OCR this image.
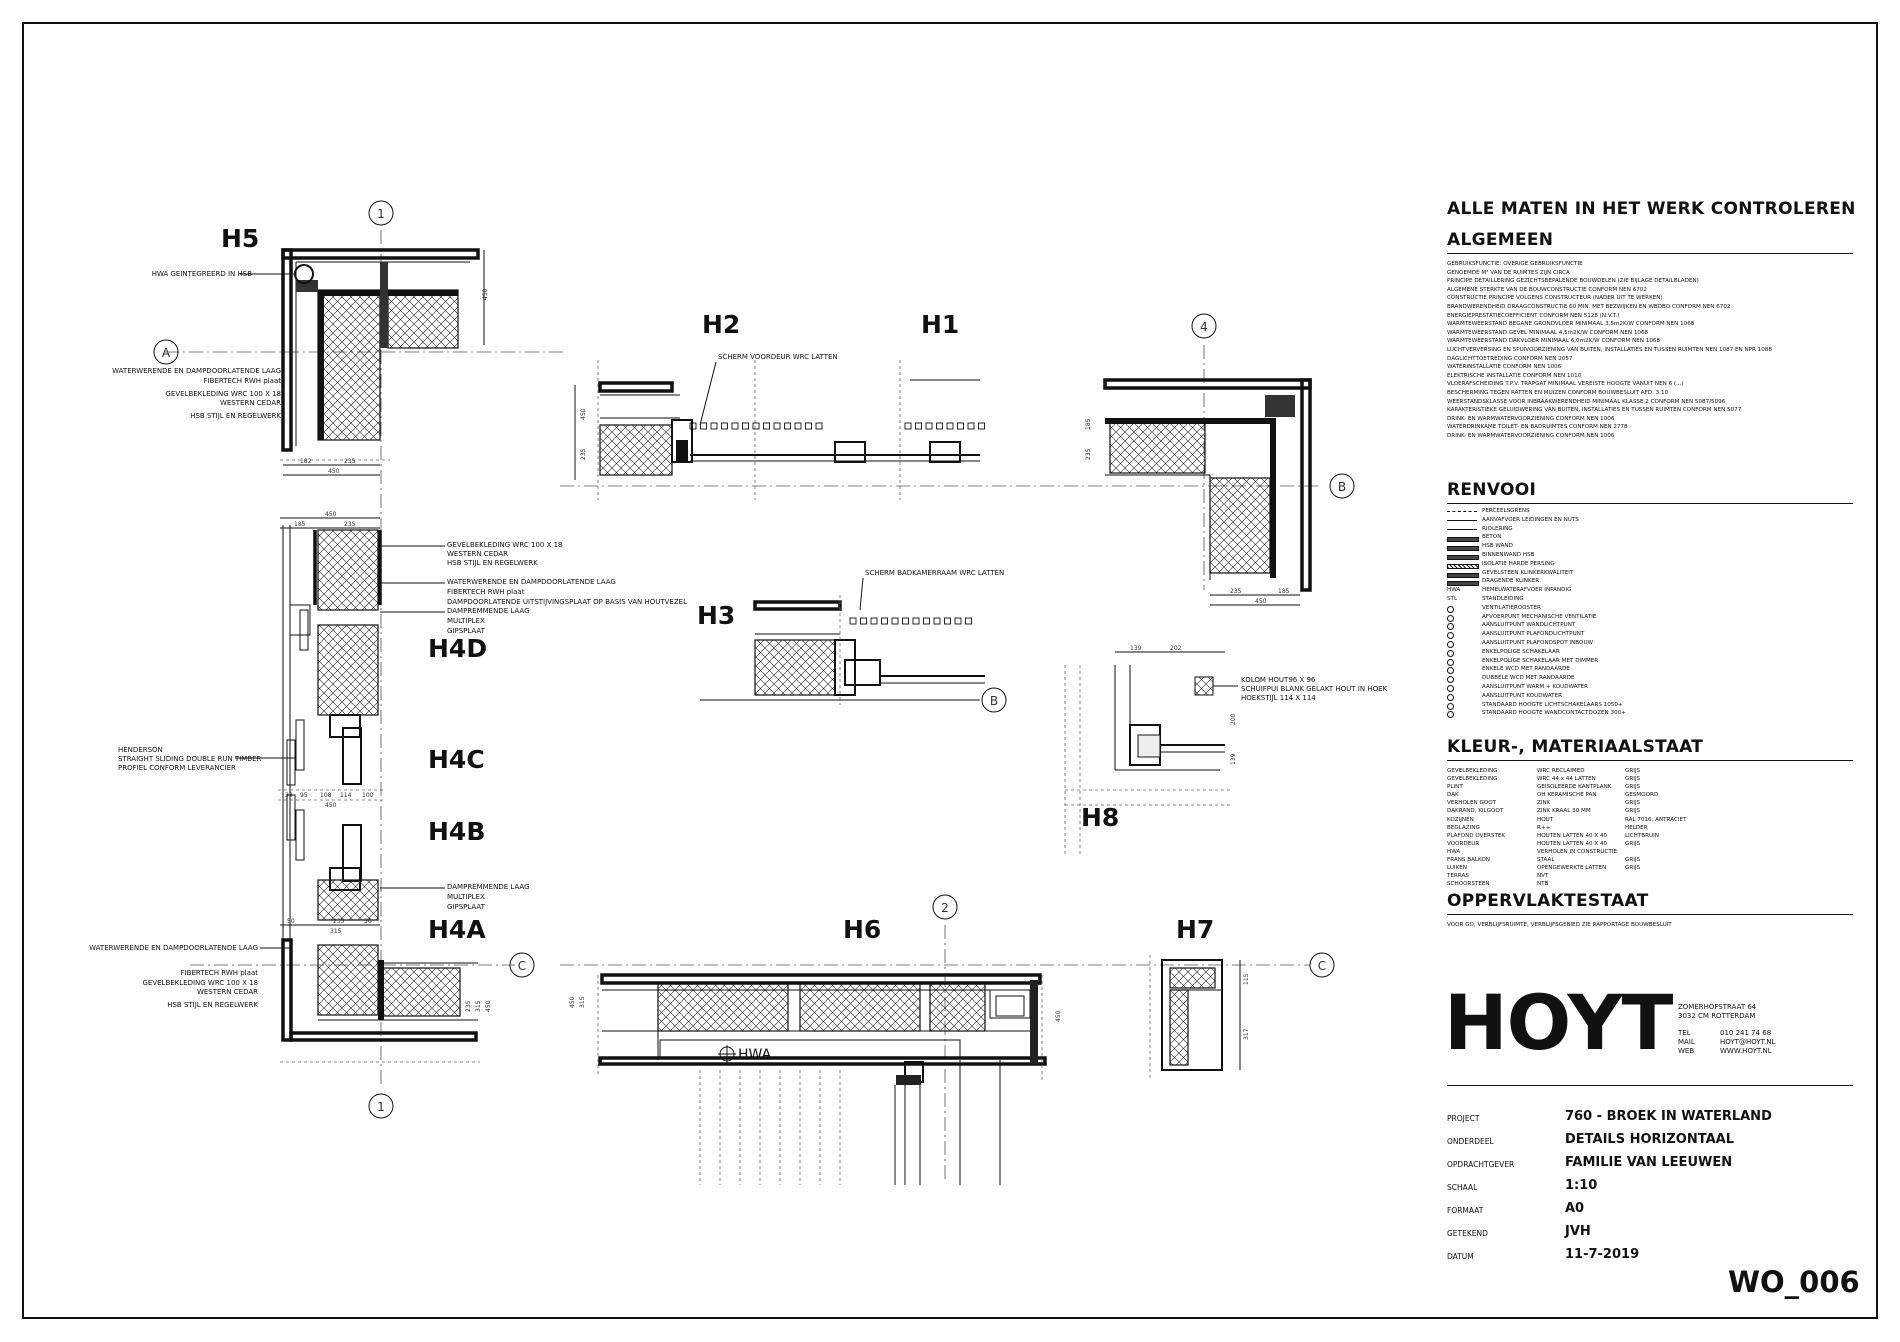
1
1
A
4
B
B
2
C	C
182	235
450
450
450
185	235
33 95 108 114 100
450
50	235	50
315
235 315 450
450
235
235	185
450
185
235
139	202
200
139
HWA
450 315
450
115
317
H5
H2	H1
H3
H8
H4D
H4C
H4B
H4A	H6	H7
HWA GEINTEGREERD IN HSB
WATERWERENDE EN DAMPDOORLATENDE LAAG
FIBERTECH RWH plaat
GEVELBEKLEDING WRC 100 X 18
WESTERN CEDAR
HSB STIJL EN REGELWERK
GEVELBEKLEDING WRC 100 X 18
WESTERN CEDAR
HSB STIJL EN REGELWERK
WATERWERENDE EN DAMPDOORLATENDE LAAG
FIBERTECH RWH plaat
DAMPDOORLATENDE UITSTIJVINGSPLAAT OP BASIS VAN HOUTVEZEL
DAMPREMMENDE LAAG
MULTIPLEX
GIPSPLAAT
HENDERSON
STRAIGHT SLIDING DOUBLE RUN TIMBER
PROFIEL CONFORM LEVERANCIER
DAMPREMMENDE LAAG
MULTIPLEX
GIPSPLAAT
WATERWERENDE EN DAMPDOORLATENDE LAAG
FIBERTECH RWH plaat
GEVELBEKLEDING WRC 100 X 18
WESTERN CEDAR
HSB STIJL EN REGELWERK
SCHERM VOORDEUR WRC LATTEN
SCHERM BADKAMERRAAM WRC LATTEN
KOLOM HOUT96 X 96
SCHUIFPUI BLANK GELAKT HOUT IN HOEK
HOEKSTIJL 114 X 114
ALLE MATEN IN HET WERK CONTROLEREN
ALGEMEEN
GEBRUIKSFUNCTIE: OVERIGE GEBRUIKSFUNCTIE
GENOEMDE M² VAN DE RUIMTES ZIJN CIRCA
PRINCIPE DETAILLERING GEZICHTSBEPALENDE BOUWDELEN (ZIE BIJLAGE DETAILBLADEN)
ALGEMENE STERKTE VAN DE BOUWCONSTRUCTIE CONFORM NEN 6702
CONSTRUCTIE PRINCIPE VOLGENS CONSTRUCTEUR (NADER UIT TE WERKEN)
BRANDWERENDHEID DRAAGCONSTRUCTIE 60 MIN. MET BEZWIJKEN EN WBDBO CONFORM NEN 6702
ENERGIEPRESTATIECOEFFICIENT CONFORM NEN 5128 (N.V.T.)
WARMTEWEERSTAND BEGANE GRONDVLOER MINIMAAL 3,5m2K/W CONFORM NEN 1068
WARMTEWEERSTAND GEVEL MINIMAAL 4,5m2K/W CONFORM NEN 1068
WARMTEWEERSTAND DAKVLOER MINIMAAL 6,0m2K/W CONFORM NEN 1068
LUCHTVERVERSING EN SPUIVOORZIENING VAN BUITEN, INSTALLATIES EN TUSSEN RUIMTEN NEN 1087 EN NPR 1088
DAGLICHTTOETREDING CONFORM NEN 2057
WATERINSTALLATIE CONFORM NEN 1006
ELEKTRISCHE INSTALLATIE CONFORM NEN 1010
VLOERAFSCHEIDING T.P.V. TRAPGAT MINIMAAL VEREISTE HOOGTE VANUIT NEN 6 (...)
BESCHERMING TEGEN RATTEN EN MUIZEN CONFORM BOUWBESLUIT AFD. 3.10
WEERSTANDSKLASSE VOOR INBRAAKWERENDHEID MINIMAAL KLASSE 2 CONFORM NEN 5087/5096
KARAKTERISTIEKE GELUIDWERING VAN BUITEN, INSTALLATIES EN TUSSEN RUIMTEN CONFORM NEN 5077
DRINK- EN WARMWATERVOORZIENING CONFORM NEN 1006
WATERDRINKAME TOILET- EN BADRUIMTES CONFORM NEN 2778
DRINK- EN WARMWATERVOORZIENING CONFORM NEN 1006
RENVOOI
PERCEELSGRENS
AANVAFVOER LEIDINGEN EN NUTS
RIOLERING
BETON
HSB WAND
BINNENWAND HSB
ISOLATIE HARDE PERSING
GEVELSTEEN KLINKERKWALITEIT
DRAGENDE KLINKER
HWA	HEMELWATERAFVOER INPANDIG
STL	STANDLEIDING
VENTILATIEROOSTER
AFVOERPUNT MECHANISCHE VENTILATIE
AANSLUITPUNT WANDLICHTPUNT
AANSLUITPUNT PLAFONDLICHTPUNT
AANSLUITPUNT PLAFONDSPOT INBOUW
ENKELPOLIGE SCHAKELAAR
ENKELPOLIGE SCHAKELAAR MET DIMMER
ENKELE WCD MET RANDAARDE
DUBBELE WCD MET RANDAARDE
AANSLUITPUNT WARM + KOUDWATER
AANSLUITPUNT KOUDWATER
STANDAARD HOOGTE LICHTSCHAKELAARS 1050+
STANDAARD HOOGTE WANDCONTACTDOZEN 300+
KLEUR-, MATERIAALSTAAT
GEVELBEKLEDING	WRC RECLAIMED	GRIJS
GEVELBEKLEDING	WRC 44 x 44 LATTEN	GRIJS
PLINT	GEISOLEERDE KANTPLANK GRIJS
DAK	OH KERAMISCHE PAN	GESMOORD
VERHOLEN GOOT	ZINK	GRIJS
DAKRAND, KILGOOT	ZINK KRAAL 30 MM	GRIJS
KOZIJNEN	HOUT	RAL 7016, ANTRACIET
BEGLAZING	R++	HELDER
PLAFOND OVERSTEK	HOUTEN LATTEN 40 X 40	LICHTBRUIN
VOORDEUR	HOUTEN LATTEN 40 X 40	GRIJS
HWA	VERHOLEN IN CONSTRUCTIE
FRANS BALKON	STAAL	GRIJS
LUIKEN	OPENGEWERKTE LATTEN	GRIJS
TERRAS	NVT
SCHOORSTEEN	NTB
OPPERVLAKTESTAAT
VOOR GO, VERBLIJFSRUIMTE, VERBLIJFSGEBIED ZIE RAPPORTAGE BOUWBESLUIT
HOYT ZOMERHOFSTRAAT 64
3032 CM ROTTERDAM
TEL	010 241 74 68
MAIL	HOYT@HOYT.NL
WEB	WWW.HOYT.NL
PROJECT	760 - BROEK IN WATERLAND
ONDERDEEL	DETAILS HORIZONTAAL
OPDRACHTGEVER	FAMILIE VAN LEEUWEN
SCHAAL	1:10
FORMAAT	A0
GETEKEND	JVH
DATUM	11-7-2019
WO_006
